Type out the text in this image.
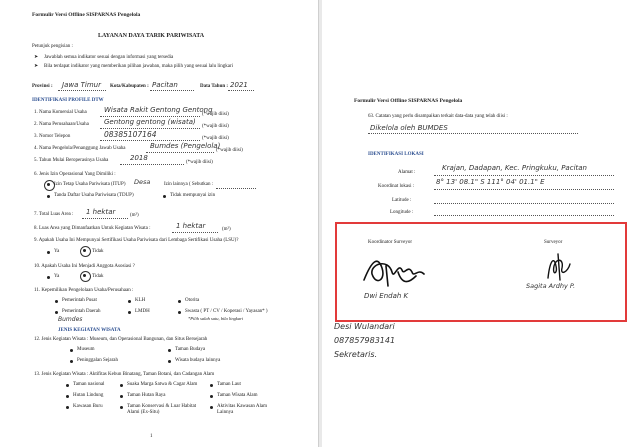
Formulir Versi Offline SISPARNAS Pengelola
LAYANAN DAYA TARIK PARIWISATA
Petunjuk pengisian :
➤ Jawablah semua indikator sesuai dengan informasi yang tersedia
➤ Bila terdapat indikator yang memberikan pilihan jawaban, maka pilih yang sesuai lalu lingkari
Provinsi : Jawa Timur Kota/Kabupaten : Pacitan	Data Tahun : 2021
IDENTIFIKASI PROFILE DTW
1. Nama Komersial Usaha Wisata Rakit Gentong Gentong
(*wajib diisi)
2. Nama Perusahaan/Usaha Gentong gentong (wisata)
(*wajib diisi)
3. Nomor Telepon	08385107164	(*wajib diisi)
4. Nama Pengelola/Penanggung Jawab Usaha	Bumdes (Pengelola)
(*wajib diisi)
5. Tahun Mulai Beroperasinya Usaha	2018
(*wajib diisi)
6. Jenis Izin Operasional Yang Dimiliki :
Izin Tetap Usaha Pariwisata (ITUP) Desa	Izin lainnya ( Sebutkan :
Tanda Daftar Usaha Pariwisata (TDUP)	Tidak mempunyai izin
7. Total Luas Area : 1 hektar	(m²)
8. Luas Area yang Dimanfaatkan Untuk Kegiatan Wisata :	1 hektar	(m²)
9. Apakah Usaha Ini Mempunyai Sertifikasi Usaha Pariwisata dari Lembaga Sertifikasi Usaha (LSU)?
Ya	Tidak
10. Apakah Usaha Ini Menjadi Anggota Asosiasi ?
Ya	Tidak
11. Kepemilikan Pengelolaan Usaha/Perusahaan :
Pemerintah Pusat	KLH	Otorita
Pemerintah Daerah
Bumdes
LMDH	Swasta ( PT / CV / Koperasi / Yayasan* )
*Pilih salah satu, bila lingkari
JENIS KEGIATAN WISATA
12. Jenis Kegiatan Wisata : Museum, dan Operasional Bangunan, dan Situs Bersejarah
Museum	Taman Budaya
Peninggalan Sejarah	Wisata budaya lainnya
13. Jenis Kegiatan Wisata : Aktifitas Kebun Binatang, Taman Botani, dan Cadangan Alam
Taman nasional	Suaka Marga Satwa & Cagar Alam	Taman Laut
Hutan Lindung	Taman Hutan Raya	Taman Wisata Alam
Kawasan Buru	Taman Konservasi & Luar Habitat Alami (Ex-Situ)
Aktivitas Kawasan Alam Lainnya
1
Formulir Versi Offline SISPARNAS Pengelola
63. Catatan yang perlu disampaikan terkait data-data yang telah diisi :
Dikelola oleh BUMDES
IDENTIFIKASI LOKASI
Alamat :
Krajan, Dadapan, Kec. Pringkuku, Pacitan
Koordinat lokasi :
8° 13' 08.1" S 111° 04' 01.1" E
Latitude :
Longitude :
Koordinator Surveyor
Dwi Endah K
Surveyor
Sagita Ardhy P.
Desi Wulandari
087857983141
Sekretaris.
